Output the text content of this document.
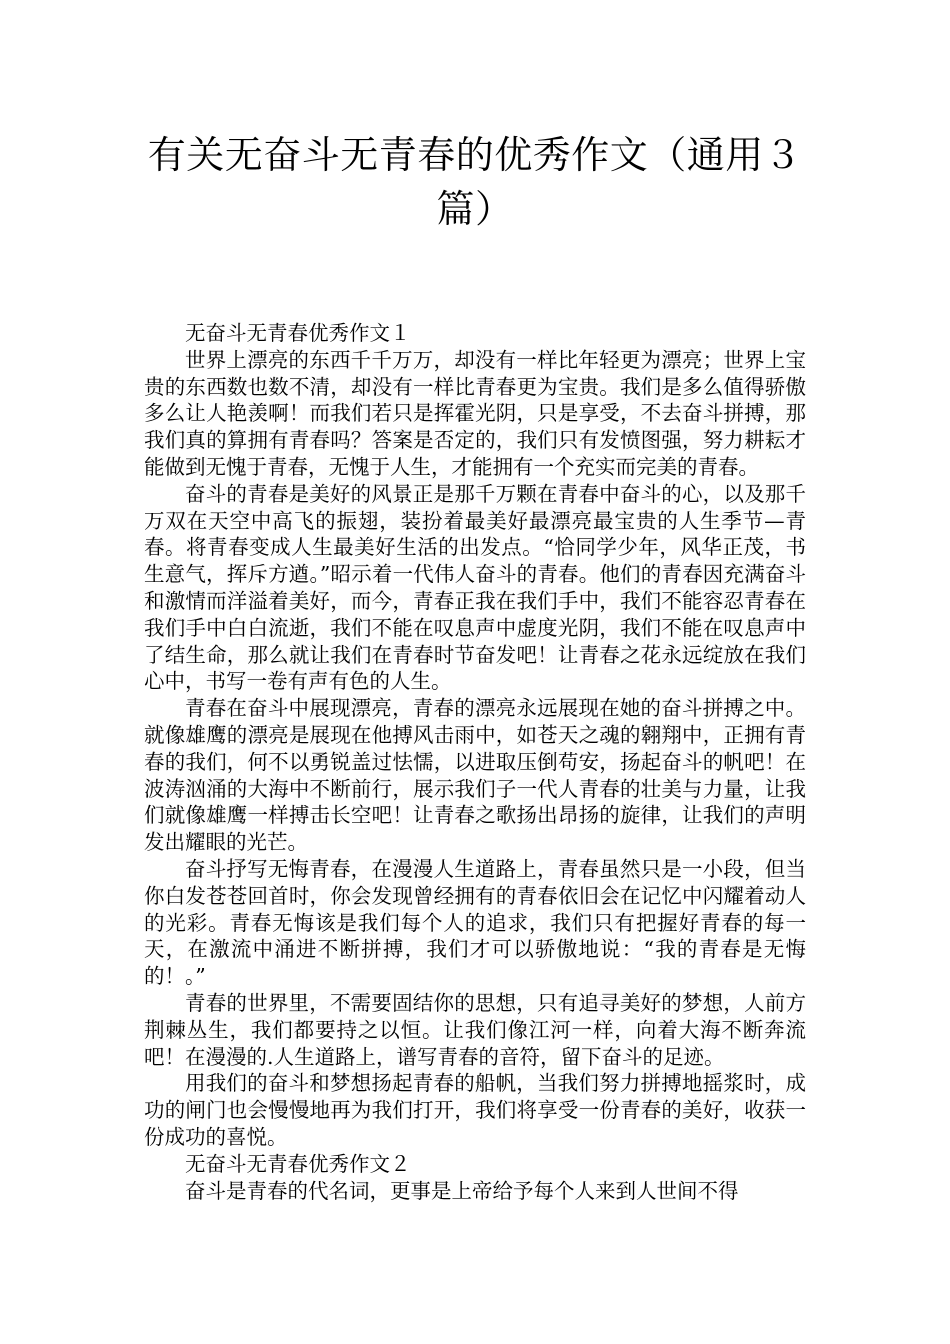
有关无奋斗无青春的优秀作文（通用３篇）

无奋斗无青春优秀作文１

世界上漂亮的东西千千万万，却没有一样比年轻更为漂亮；世界上宝贵的东西数也数不清，却没有一样比青春更为宝贵。我们是多么值得骄傲多么让人艳羡啊！而我们若只是挥霍光阴，只是享受，不去奋斗拼搏，那我们真的算拥有青春吗？答案是否定的，我们只有发愤图强，努力耕耘才能做到无愧于青春，无愧于人生，才能拥有一个充实而完美的青春。

奋斗的青春是美好的风景正是那千万颗在青春中奋斗的心，以及那千万双在天空中高飞的振翅，装扮着最美好最漂亮最宝贵的人生季节—青春。将青春变成人生最美好生活的出发点。“恰同学少年，风华正茂，书生意气，挥斥方遒。”昭示着一代伟人奋斗的青春。他们的青春因充满奋斗和激情而洋溢着美好，而今，青春正我在我们手中，我们不能容忍青春在我们手中白白流逝，我们不能在叹息声中虚度光阴，我们不能在叹息声中了结生命，那么就让我们在青春时节奋发吧！让青春之花永远绽放在我们心中，书写一卷有声有色的人生。

青春在奋斗中展现漂亮，青春的漂亮永远展现在她的奋斗拼搏之中。就像雄鹰的漂亮是展现在他搏风击雨中，如苍天之魂的翱翔中，正拥有青春的我们，何不以勇锐盖过怯懦，以进取压倒苟安，扬起奋斗的帆吧！在波涛汹涌的大海中不断前行，展示我们子一代人青春的壮美与力量，让我们就像雄鹰一样搏击长空吧！让青春之歌扬出昂扬的旋律，让我们的声明发出耀眼的光芒。

奋斗抒写无悔青春，在漫漫人生道路上，青春虽然只是一小段，但当你白发苍苍回首时，你会发现曾经拥有的青春依旧会在记忆中闪耀着动人的光彩。青春无悔该是我们每个人的追求，我们只有把握好青春的每一天，在激流中涌进不断拼搏，我们才可以骄傲地说：“我的青春是无悔的！。”

青春的世界里，不需要固结你的思想，只有追寻美好的梦想，人前方荆棘丛生，我们都要持之以恒。让我们像江河一样，向着大海不断奔流吧！在漫漫的.人生道路上，谱写青春的音符，留下奋斗的足迹。

用我们的奋斗和梦想扬起青春的船帆，当我们努力拼搏地摇浆时，成功的闸门也会慢慢地再为我们打开，我们将享受一份青春的美好，收获一份成功的喜悦。

无奋斗无青春优秀作文２

奋斗是青春的代名词，更事是上帝给予每个人来到人世间不得
